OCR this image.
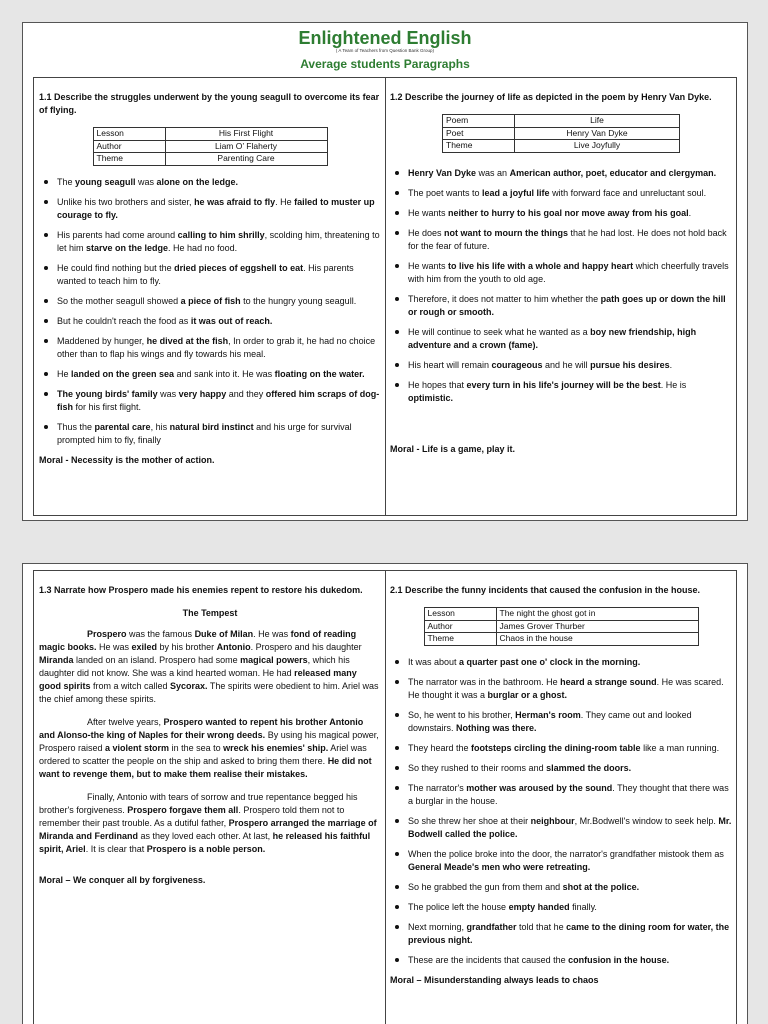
Enlightened English
( A Team of Teachers from Question Bank Group)
Average students Paragraphs
1.1 Describe the struggles underwent by the young seagull to overcome its fear of flying.
Lesson	His First Flight
Author	Liam O’ Flaherty
Theme	Parenting Care
The young seagull was alone on the ledge.
Unlike his two brothers and sister, he was afraid to fly. He failed to muster up courage to fly.
His parents had come around calling to him shrilly, scolding him, threatening to let him starve on the ledge. He had no food.
He could find nothing but the dried pieces of eggshell to eat. His parents wanted to teach him to fly.
So the mother seagull showed a piece of fish to the hungry young seagull.
But he couldn't reach the food as it was out of reach.
Maddened by hunger, he dived at the fish, In order to grab it, he had no choice other than to flap his wings and fly towards his meal.
He landed on the green sea and sank into it. He was floating on the water.
The young birds' family was very happy and they offered him scraps of dog-fish for his first flight.
Thus the parental care, his natural bird instinct and his urge for survival prompted him to fly, finally
Moral - Necessity is the mother of action.
1.2 Describe the journey of life as depicted in the poem by Henry Van Dyke.
Poem	Life
Poet	Henry Van Dyke
Theme	Live Joyfully
Henry Van Dyke was an American author, poet, educator and clergyman.
The poet wants to lead a joyful life with forward face and unreluctant soul.
He wants neither to hurry to his goal nor move away from his goal.
He does not want to mourn the things that he had lost. He does not hold back for the fear of future.
He wants to live his life with a whole and happy heart which cheerfully travels with him from the youth to old age.
Therefore, it does not matter to him whether the path goes up or down the hill or rough or smooth.
He will continue to seek what he wanted as a boy new friendship, high adventure and a crown (fame).
His heart will remain courageous and he will pursue his desires.
He hopes that every turn in his life's journey will be the best. He is optimistic.
Moral - Life is a game, play it.
1.3 Narrate how Prospero made his enemies repent to restore his dukedom.
The Tempest

Prospero was the famous Duke of Milan. He was fond of reading magic books. He was exiled by his brother Antonio. Prospero and his daughter Miranda landed on an island. Prospero had some magical powers, which his daughter did not know. She was a kind hearted woman. He had released many good spirits from a witch called Sycorax. The spirits were obedient to him. Ariel was the chief among these spirits.

After twelve years, Prospero wanted to repent his brother Antonio and Alonso-the king of Naples for their wrong deeds. By using his magical power, Prospero raised a violent storm in the sea to wreck his enemies' ship. Ariel was ordered to scatter the people on the ship and asked to bring them there. He did not want to revenge them, but to make them realise their mistakes.

Finally, Antonio with tears of sorrow and true repentance begged his brother's forgiveness. Prospero forgave them all. Prospero told them not to remember their past trouble. As a dutiful father, Prospero arranged the marriage of Miranda and Ferdinand as they loved each other. At last, he released his faithful spirit, Ariel. It is clear that Prospero is a noble person.

Moral – We conquer all by forgiveness.
2.1 Describe the funny incidents that caused the confusion in the house.
Lesson	The night the ghost got in
Author	James Grover Thurber
Theme	Chaos in the house
It was about a quarter past one o' clock in the morning.
The narrator was in the bathroom. He heard a strange sound. He was scared. He thought it was a burglar or a ghost.
So, he went to his brother, Herman's room. They came out and looked downstairs. Nothing was there.
They heard the footsteps circling the dining-room table like a man running.
So they rushed to their rooms and slammed the doors.
The narrator's mother was aroused by the sound. They thought that there was a burglar in the house.
So she threw her shoe at their neighbour, Mr.Bodwell's window to seek help. Mr. Bodwell called the police.
When the police broke into the door, the narrator's grandfather mistook them as General Meade's men who were retreating.
So he grabbed the gun from them and shot at the police.
The police left the house empty handed finally.
Next morning, grandfather told that he came to the dining room for water, the previous night.
These are the incidents that caused the confusion in the house.
Moral – Misunderstanding always leads to chaos
